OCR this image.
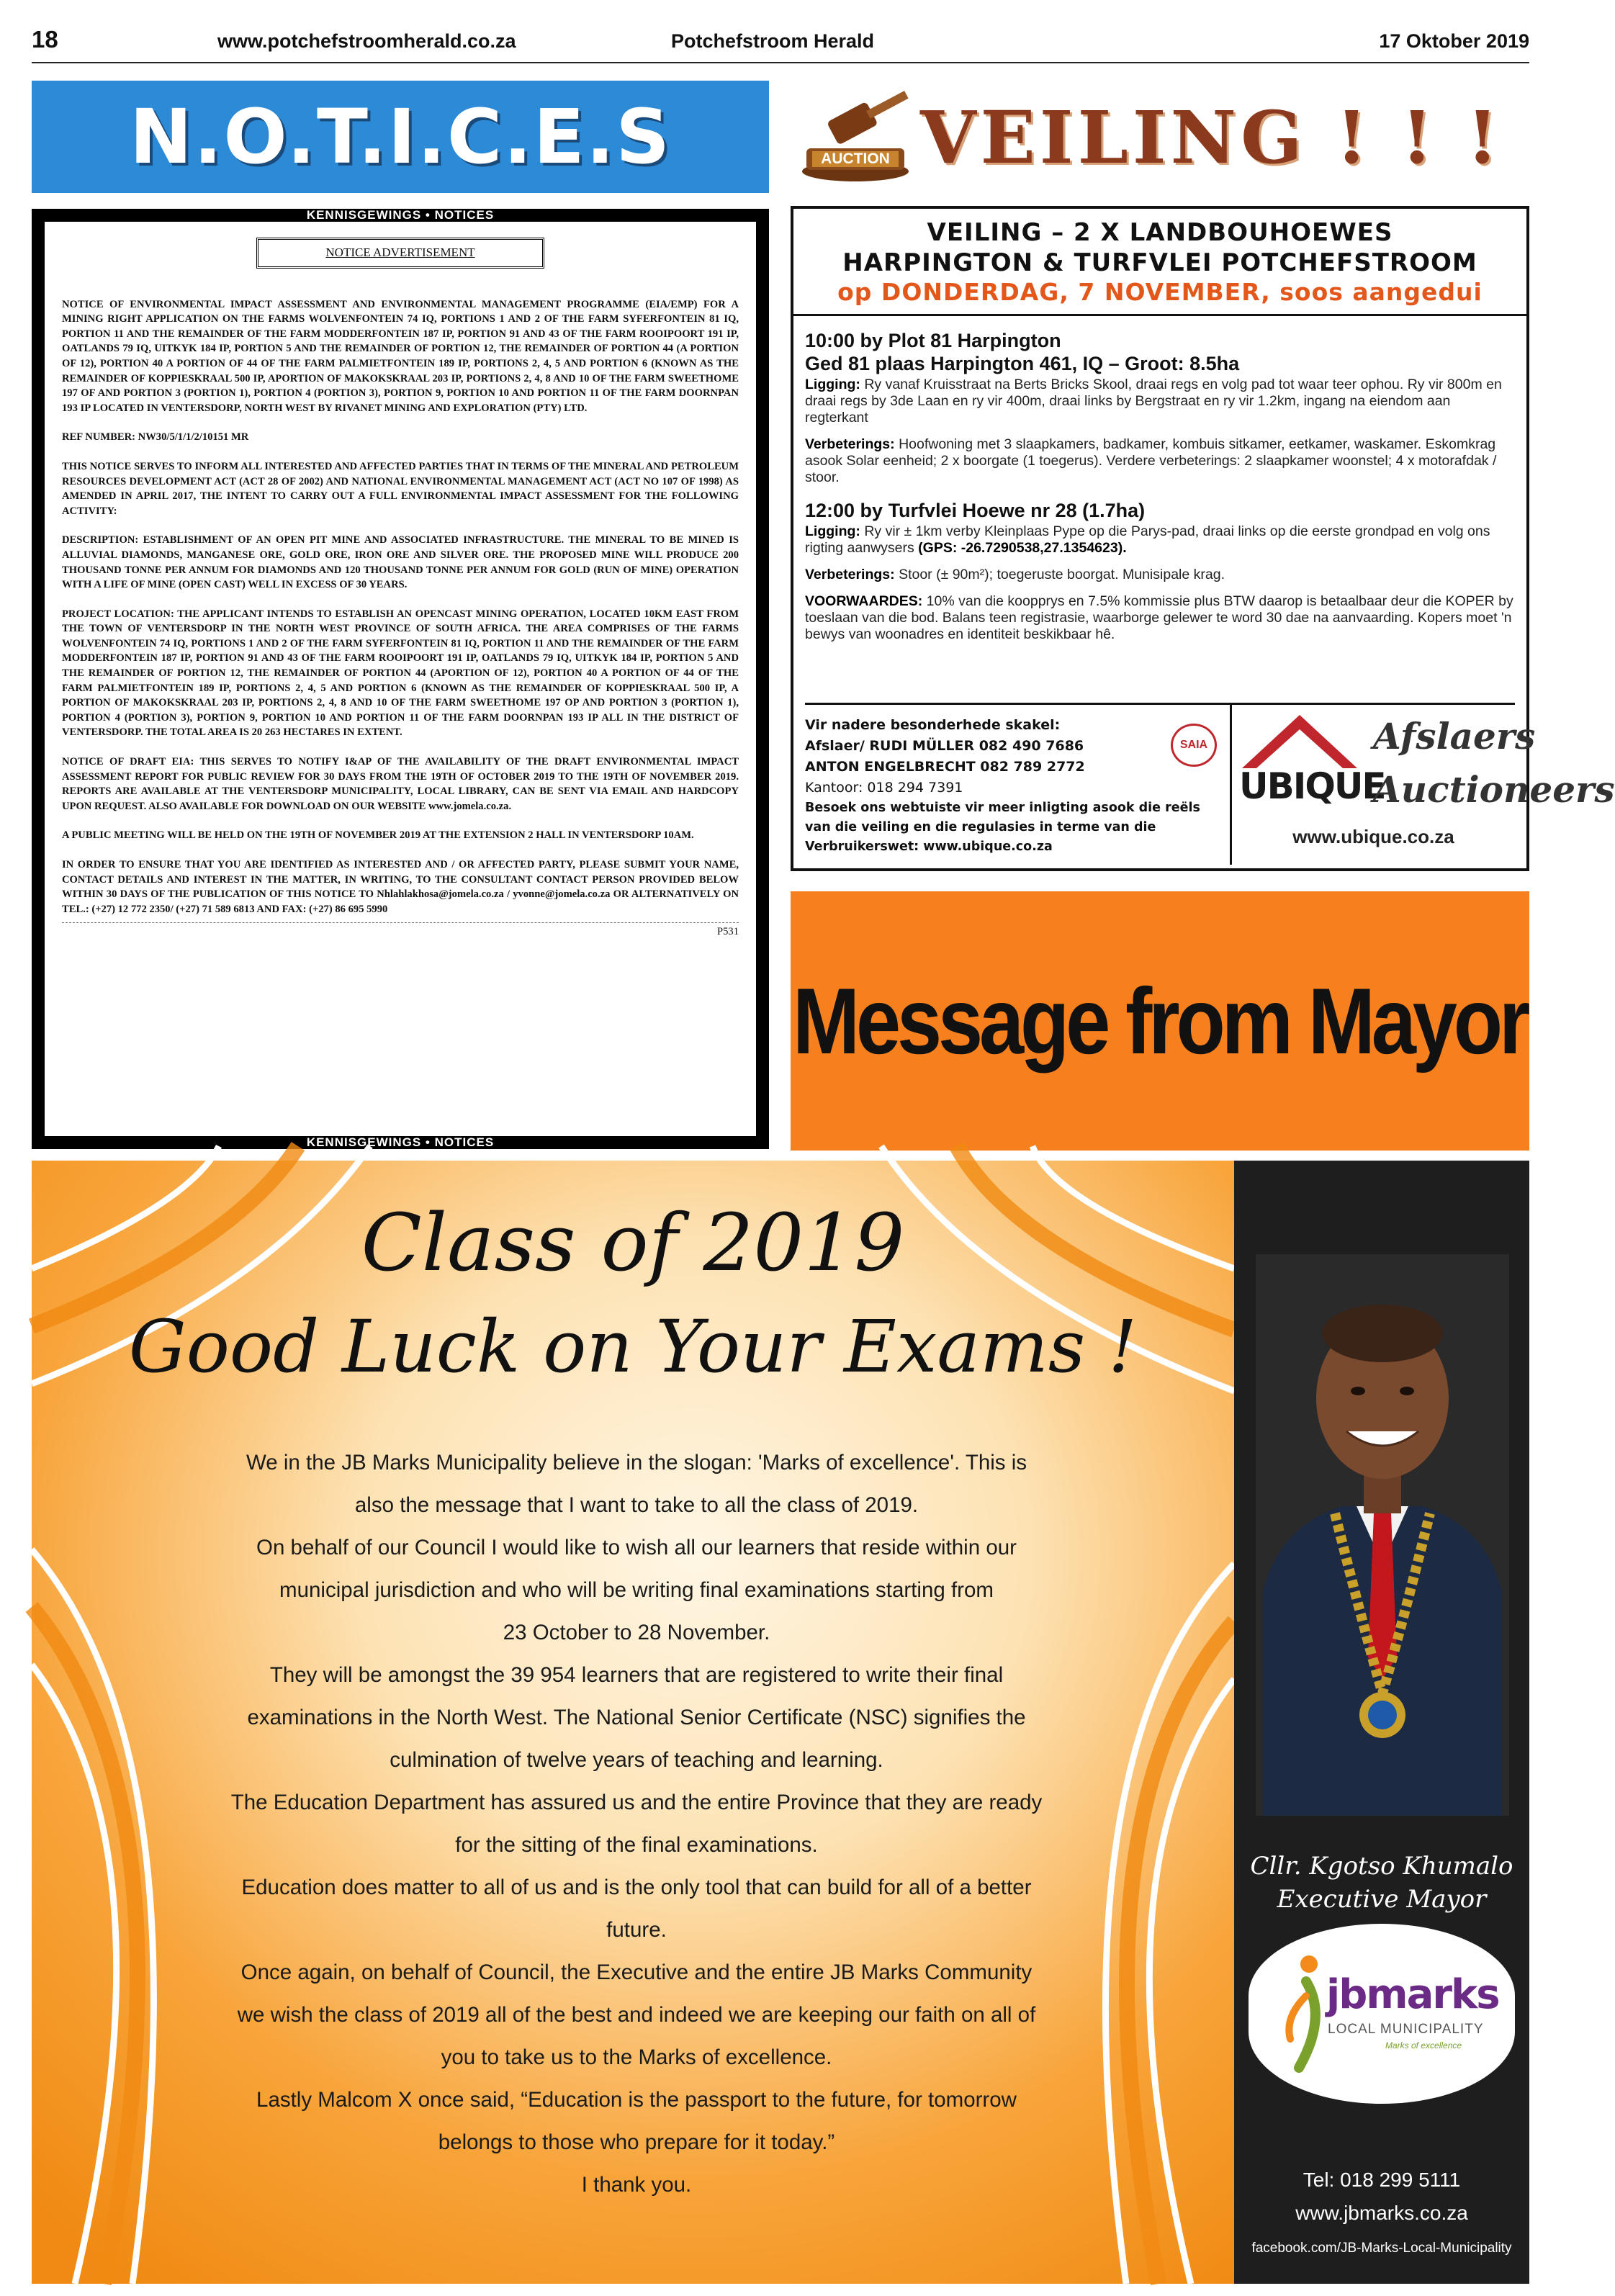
18	www.potchefstroomherald.co.za	Potchefstroom Herald	17 Oktober 2019
N.O.T.I.C.E.S
KENNISGEWINGS • NOTICES
NOTICE ADVERTISEMENT

NOTICE OF ENVIRONMENTAL IMPACT ASSESSMENT AND ENVIRONMENTAL MANAGEMENT PROGRAMME (EIA/EMP) FOR A MINING RIGHT APPLICATION ON THE FARMS WOLVENFONTEIN 74 IQ, PORTIONS 1 AND 2 OF THE FARM SYFERFONTEIN 81 IQ, PORTION 11 AND THE REMAINDER OF THE FARM MODDERFONTEIN 187 IP, PORTION 91 AND 43 OF THE FARM ROOIPOORT 191 IP, OATLANDS 79 IQ, UITKYK 184 IP, PORTION 5 AND THE REMAINDER OF PORTION 12, THE REMAINDER OF PORTION 44 (A PORTION OF 12), PORTION 40 A PORTION OF 44 OF THE FARM PALMIETFONTEIN 189 IP, PORTIONS 2, 4, 5 AND PORTION 6 (KNOWN AS THE REMAINDER OF KOPPIESKRAAL 500 IP, APORTION OF MAKOKSKRAAL 203 IP, PORTIONS 2, 4, 8 AND 10 OF THE FARM SWEETHOME 197 OF AND PORTION 3 (PORTION 1), PORTION 4 (PORTION 3), PORTION 9, PORTION 10 AND PORTION 11 OF THE FARM DOORNPAN 193 IP LOCATED IN VENTERSDORP, NORTH WEST BY RIVANET MINING AND EXPLORATION (PTY) LTD.

REF NUMBER: NW30/5/1/1/2/10151 MR

THIS NOTICE SERVES TO INFORM ALL INTERESTED AND AFFECTED PARTIES THAT IN TERMS OF THE MINERAL AND PETROLEUM RESOURCES DEVELOPMENT ACT (ACT 28 OF 2002) AND NATIONAL ENVIRONMENTAL MANAGEMENT ACT (ACT NO 107 OF 1998) AS AMENDED IN APRIL 2017, THE INTENT TO CARRY OUT A FULL ENVIRONMENTAL IMPACT ASSESSMENT FOR THE FOLLOWING ACTIVITY:

DESCRIPTION: ESTABLISHMENT OF AN OPEN PIT MINE AND ASSOCIATED INFRASTRUCTURE. THE MINERAL TO BE MINED IS ALLUVIAL DIAMONDS, MANGANESE ORE, GOLD ORE, IRON ORE AND SILVER ORE. THE PROPOSED MINE WILL PRODUCE 200 THOUSAND TONNE PER ANNUM FOR DIAMONDS AND 120 THOUSAND TONNE PER ANNUM FOR GOLD (RUN OF MINE) OPERATION WITH A LIFE OF MINE (OPEN CAST) WELL IN EXCESS OF 30 YEARS.

PROJECT LOCATION: THE APPLICANT INTENDS TO ESTABLISH AN OPENCAST MINING OPERATION, LOCATED 10KM EAST FROM THE TOWN OF VENTERSDORP IN THE NORTH WEST PROVINCE OF SOUTH AFRICA. THE AREA COMPRISES OF THE FARMS WOLVENFONTEIN 74 IQ, PORTIONS 1 AND 2 OF THE FARM SYFERFONTEIN 81 IQ, PORTION 11 AND THE REMAINDER OF THE FARM MODDERFONTEIN 187 IP, PORTION 91 AND 43 OF THE FARM ROOIPOORT 191 IP, OATLANDS 79 IQ, UITKYK 184 IP, PORTION 5 AND THE REMAINDER OF PORTION 12, THE REMAINDER OF PORTION 44 (APORTION OF 12), PORTION 40 A PORTION OF 44 OF THE FARM PALMIETFONTEIN 189 IP, PORTIONS 2, 4, 5 AND PORTION 6 (KNOWN AS THE REMAINDER OF KOPPIESKRAAL 500 IP, A PORTION OF MAKOKSKRAAL 203 IP, PORTIONS 2, 4, 8 AND 10 OF THE FARM SWEETHOME 197 OP AND PORTION 3 (PORTION 1), PORTION 4 (PORTION 3), PORTION 9, PORTION 10 AND PORTION 11 OF THE FARM DOORNPAN 193 IP ALL IN THE DISTRICT OF VENTERSDORP. THE TOTAL AREA IS 20 263 HECTARES IN EXTENT.

NOTICE OF DRAFT EIA: THIS SERVES TO NOTIFY I&AP OF THE AVAILABILITY OF THE DRAFT ENVIRONMENTAL IMPACT ASSESSMENT REPORT FOR PUBLIC REVIEW FOR 30 DAYS FROM THE 19TH OF OCTOBER 2019 TO THE 19TH OF NOVEMBER 2019. REPORTS ARE AVAILABLE AT THE VENTERSDORP MUNICIPALITY, LOCAL LIBRARY, CAN BE SENT VIA EMAIL AND HARDCOPY UPON REQUEST. ALSO AVAILABLE FOR DOWNLOAD ON OUR WEBSITE www.jomela.co.za.

A PUBLIC MEETING WILL BE HELD ON THE 19TH OF NOVEMBER 2019 AT THE EXTENSION 2 HALL IN VENTERSDORP 10AM.

IN ORDER TO ENSURE THAT YOU ARE IDENTIFIED AS INTERESTED AND / OR AFFECTED PARTY, PLEASE SUBMIT YOUR NAME, CONTACT DETAILS AND INTEREST IN THE MATTER, IN WRITING, TO THE CONSULTANT CONTACT PERSON PROVIDED BELOW WITHIN 30 DAYS OF THE PUBLICATION OF THIS NOTICE TO Nhlahlakhosa@jomela.co.za / yvonne@jomela.co.za OR ALTERNATIVELY ON TEL.: (+27) 12 772 2350/ (+27) 71 589 6813 AND FAX: (+27) 86 695 5990

P531
KENNISGEWINGS • NOTICES
AUCTION VEILING ! ! !
VEILING – 2 X LANDBOUHOEWES
HARPINGTON & TURFVLEI POTCHEFSTROOM
op DONDERDAG, 7 NOVEMBER, soos aangedui
10:00 by Plot 81 Harpington
Ged 81 plaas Harpington 461, IQ – Groot: 8.5ha
Ligging: Ry vanaf Kruisstraat na Berts Bricks Skool, draai regs en volg pad tot waar teer ophou. Ry vir 800m en draai regs by 3de Laan en ry vir 400m, draai links by Bergstraat en ry vir 1.2km, ingang na eiendom aan regterkant
Verbeterings: Hoofwoning met 3 slaapkamers, badkamer, kombuis sitkamer, eetkamer, waskamer. Eskomkrag asook Solar eenheid; 2 x boorgate (1 toegerus). Verdere verbeterings: 2 slaapkamer woonstel; 4 x motorafdak / stoor.
12:00 by Turfvlei Hoewe nr 28 (1.7ha)
Ligging: Ry vir ± 1km verby Kleinplaas Pype op die Parys-pad, draai links op die eerste grondpad en volg ons rigting aanwysers (GPS: -26.7290538,27.1354623).
Verbeterings: Stoor (± 90m²); toegeruste boorgat. Munisipale krag.
VOORWAARDES: 10% van die koopprys en 7.5% kommissie plus BTW daarop is betaalbaar deur die KOPER by toeslaan van die bod. Balans teen registrasie, waarborge gelewer te word 30 dae na aanvaarding. Kopers moet 'n bewys van woonadres en identiteit beskikbaar hê.
Vir nadere besonderhede skakel:
Afslaer/ RUDI MÜLLER 082 490 7686
ANTON ENGELBRECHT 082 789 2772
Kantoor: 018 294 7391
Besoek ons webtuiste vir meer inligting asook die reëls van die veiling en die regulasies in terme van die Verbruikerswet: www.ubique.co.za
SAIA
UBIQUE
Afslaers
Auctioneers
www.ubique.co.za
Message from Mayor
Class of 2019
Good Luck on Your Exams !
We in the JB Marks Municipality believe in the slogan: 'Marks of excellence'. This is
also the message that I want to take to all the class of 2019.
On behalf of our Council I would like to wish all our learners that reside within our
municipal jurisdiction and who will be writing final examinations starting from
23 October to 28 November.
They will be amongst the 39 954 learners that are registered to write their final
examinations in the North West. The National Senior Certificate (NSC) signifies the
culmination of twelve years of teaching and learning.
The Education Department has assured us and the entire Province that they are ready
for the sitting of the final examinations.
Education does matter to all of us and is the only tool that can build for all of a better
future.
Once again, on behalf of Council, the Executive and the entire JB Marks Community
we wish the class of 2019 all of the best and indeed we are keeping our faith on all of
you to take us to the Marks of excellence.
Lastly Malcom X once said, “Education is the passport to the future, for tomorrow
belongs to those who prepare for it today.”
I thank you.
Cllr. Kgotso Khumalo
Executive Mayor
jbmarks
LOCAL MUNICIPALITY
Marks of excellence
Tel: 018 299 5111
www.jbmarks.co.za
facebook.com/JB-Marks-Local-Municipality
